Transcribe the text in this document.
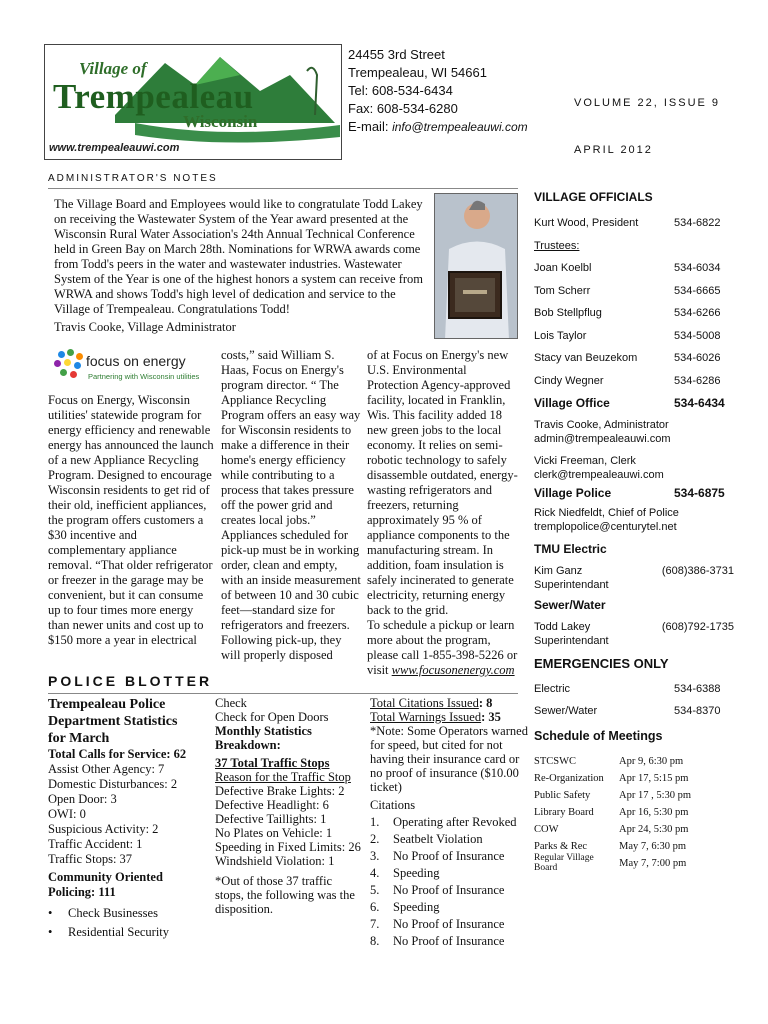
Village of
Trempealeau
Wisconsin
www.trempealeauwi.com
24455 3rd Street
Trempealeau, WI 54661
Tel: 608-534-6434
Fax: 608-534-6280
E-mail: info@trempealeauwi.com
VOLUME 22, ISSUE 9
APRIL 2012
ADMINISTRATOR'S NOTES
The Village Board and Employees would like to congratulate Todd Lakey on receiving the Wastewater System of the Year award presented at the Wisconsin Rural Water Association's 24th Annual Technical Conference held in Green Bay on March 28th. Nominations for WRWA awards come from Todd's peers in the water and wastewater industries. Wastewater System of the Year is one of the highest honors a system can receive from WRWA and shows Todd's high level of dedication and service to the Village of Trempealeau. Congratulations Todd!
Travis Cooke, Village Administrator
focus on energy
Partnering with Wisconsin utilities
Focus on Energy, Wisconsin utilities' statewide program for energy efficiency and renewable energy has announced the launch of a new Appliance Recycling Program. Designed to encourage Wisconsin residents to get rid of their old, inefficient appliances, the program offers customers a $30 incentive and complementary appliance removal. “That older refrigerator or freezer in the garage may be convenient, but it can consume up to four times more energy than newer units and cost up to $150 more a year in electrical
costs,” said William S. Haas, Focus on Energy's program director. “ The Appliance Recycling Program offers an easy way for Wisconsin residents to make a difference in their home's energy efficiency while contributing to a process that takes pressure off the power grid and creates local jobs.” Appliances scheduled for pick-up must be in working order, clean and empty, with an inside measurement of between 10 and 30 cubic feet—standard size for refrigerators and freezers. Following pick-up, they will properly disposed
of at Focus on Energy's new U.S. Environmental Protection Agency-approved facility, located in Franklin, Wis. This facility added 18 new green jobs to the local economy. It relies on semi-robotic technology to safely disassemble outdated, energy-wasting refrigerators and freezers, returning approximately 95 % of appliance components to the manufacturing stream. In addition, foam insulation is safely incinerated to generate electricity, returning energy back to the grid.
To schedule a pickup or learn more about the program, please call 1-855-398-5226 or visit www.focusonenergy.com
POLICE BLOTTER
Trempealeau Police Department Statistics for March
Total Calls for Service: 62
Assist Other Agency: 7
Domestic Disturbances: 2
Open Door: 3
OWI: 0
Suspicious Activity: 2
Traffic Accident: 1
Traffic Stops: 37
Community Oriented Policing: 111
•     Check Businesses
•     Residential Security
Check
Check for Open Doors
Monthly Statistics Breakdown:
37 Total Traffic Stops
Reason for the Traffic Stop
Defective Brake Lights: 2
Defective Headlight: 6
Defective Taillights: 1
No Plates on Vehicle: 1
Speeding in Fixed Limits: 26
Windshield Violation: 1
*Out of those 37 traffic stops, the following was the disposition.
Total Citations Issued: 8
Total Warnings Issued: 35
*Note: Some Operators warned for speed, but cited for not having their insurance card or no proof of insurance ($10.00 ticket)
Citations
1.	Operating after Revoked
2.	Seatbelt Violation
3.	No Proof of Insurance
4.	Speeding
5.	No Proof of Insurance
6.	Speeding
7.	No Proof of Insurance
8.	No Proof of Insurance
VILLAGE OFFICIALS
Kurt Wood, President	534-6822
Trustees:
Joan Koelbl	534-6034
Tom Scherr	534-6665
Bob Stellpflug	534-6266
Lois Taylor	534-5008
Stacy van Beuzekom	534-6026
Cindy Wegner	534-6286
Village Office	534-6434
Travis Cooke, Administrator
admin@trempealeauwi.com
Vicki Freeman, Clerk
clerk@trempealeauwi.com
Village Police	534-6875
Rick Niedfeldt, Chief of Police
tremplopolice@centurytel.net
TMU Electric
Kim Ganz	(608)386-3731
Superintendant
Sewer/Water
Todd Lakey	(608)792-1735
Superintendant
EMERGENCIES ONLY
Electric	534-6388
Sewer/Water	534-8370
Schedule of Meetings
STCSWC	Apr 9, 6:30 pm
Re-Organization Apr 17, 5:15 pm
Public Safety	Apr 17 , 5:30 pm
Library Board Apr 16, 5:30 pm
COW	Apr 24, 5:30 pm
Parks & Rec	May 7, 6:30 pm
Regular Village Board	May 7, 7:00 pm
